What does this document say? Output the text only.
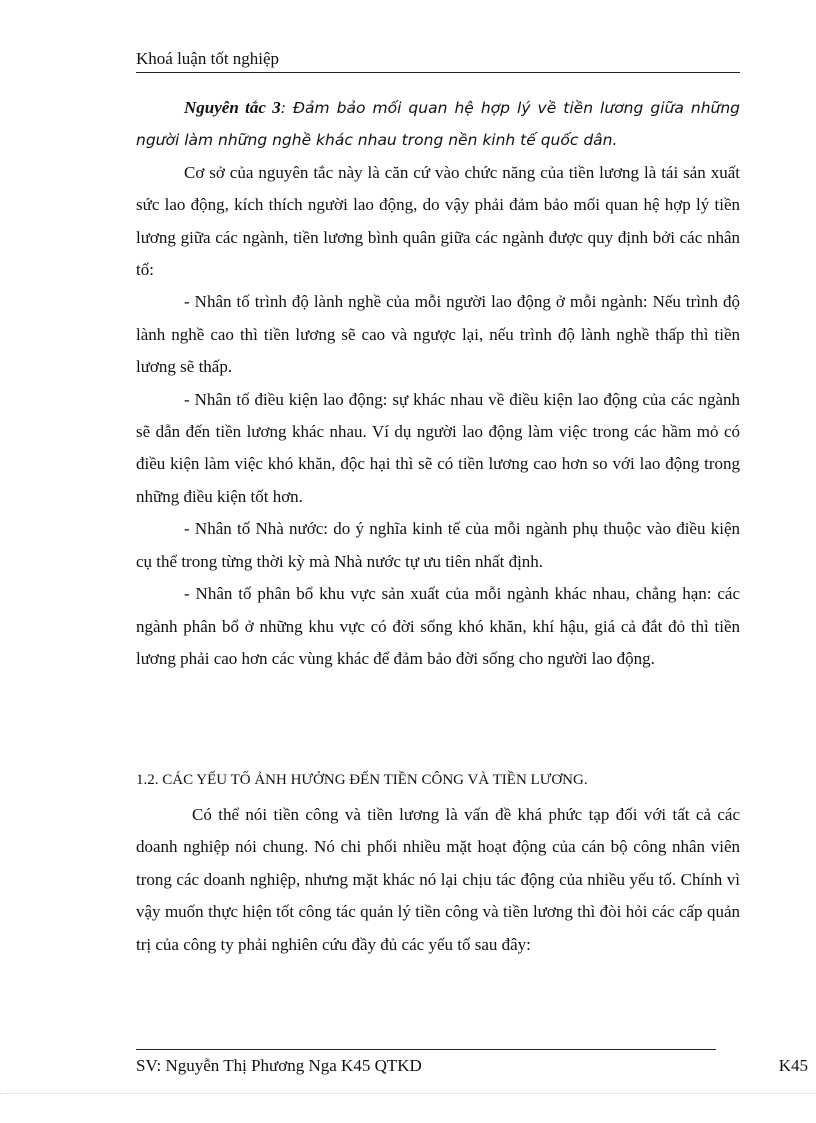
Khoá luận tốt nghiệp

Nguyên tắc 3: Đảm bảo mối quan hệ hợp lý về tiền lương giữa những người làm những nghề khác nhau trong nền kinh tế quốc dân.

Cơ sở của nguyên tắc này là căn cứ vào chức năng của tiền lương là tái sản xuất sức lao động, kích thích người lao động, do vậy phải đảm bảo mối quan hệ hợp lý tiền lương giữa các ngành, tiền lương bình quân giữa các ngành được quy định bởi các nhân tố:

- Nhân tố trình độ lành nghề của mỗi người lao động ở mỗi ngành: Nếu trình độ lành nghề cao thì tiền lương sẽ cao và ngược lại, nếu trình độ lành nghề thấp thì tiền lương sẽ thấp.

- Nhân tố điều kiện lao động: sự khác nhau về điều kiện lao động của các ngành sẽ dẫn đến tiền lương khác nhau. Ví dụ người lao động làm việc trong các hầm mỏ có điều kiện làm việc khó khăn, độc hại thì sẽ có tiền lương cao hơn so với lao động trong những điều kiện tốt hơn.

- Nhân tố Nhà nước: do ý nghĩa kinh tế của mỗi ngành phụ thuộc vào điều kiện cụ thể trong từng thời kỳ mà Nhà nước tự ưu tiên nhất định.

- Nhân tố phân bổ khu vực sản xuất của mỗi ngành khác nhau, chẳng hạn: các ngành phân bổ ở những khu vực có đời sống khó khăn, khí hậu, giá cả đắt đỏ thì tiền lương phải cao hơn các vùng khác để đảm bảo đời sống cho người lao động.

1.2. CÁC YẾU TỐ ẢNH HƯỞNG ĐẾN TIỀN CÔNG VÀ TIỀN LƯƠNG.

Có thể nói tiền công và tiền lương là vấn đề khá phức tạp đối với tất cả các doanh nghiệp nói chung. Nó chi phối nhiều mặt hoạt động của cán bộ công nhân viên trong các doanh nghiệp, nhưng mặt khác nó lại chịu tác động của nhiều yếu tố. Chính vì vậy muốn thực hiện tốt công tác quản lý tiền công và tiền lương thì đòi hỏi các cấp quản trị của công ty phải nghiên cứu đầy đủ các yếu tố sau đây:

SV: Nguyễn Thị Phương Nga K45 QTKD	K45
